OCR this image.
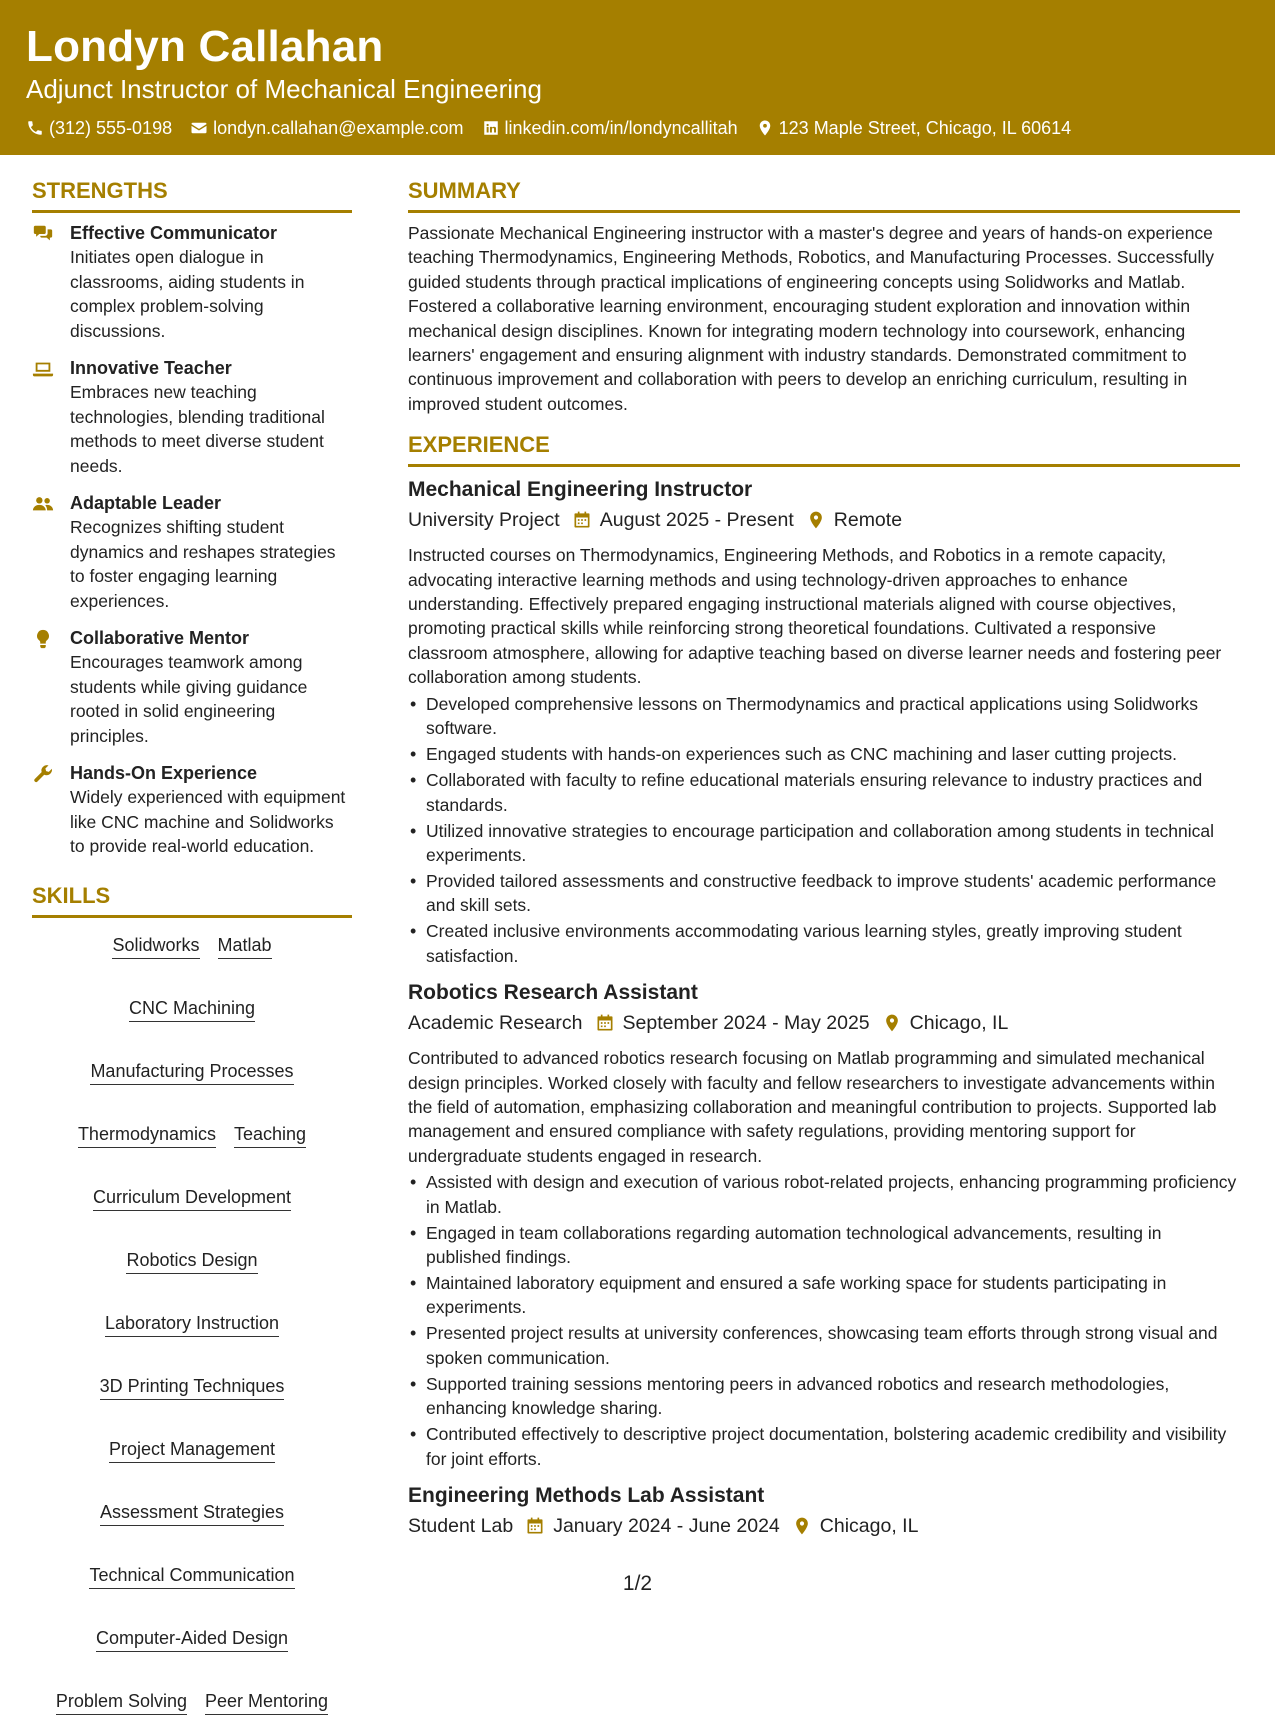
Londyn Callahan
Adjunct Instructor of Mechanical Engineering
(312) 555-0198 londyn.callahan@example.com linkedin.com/in/londyncallitah 123 Maple Street, Chicago, IL 60614
STRENGTHS
Effective Communicator
Initiates open dialogue in classrooms, aiding students in complex problem-solving discussions.
Innovative Teacher
Embraces new teaching technologies, blending traditional methods to meet diverse student needs.
Adaptable Leader
Recognizes shifting student dynamics and reshapes strategies to foster engaging learning experiences.
Collaborative Mentor
Encourages teamwork among students while giving guidance rooted in solid engineering principles.
Hands-On Experience
Widely experienced with equipment like CNC machine and Solidworks to provide real-world education.
SKILLS
Solidworks Matlab
CNC Machining
Manufacturing Processes
Thermodynamics Teaching
Curriculum Development
Robotics Design
Laboratory Instruction
3D Printing Techniques
Project Management
Assessment Strategies
Technical Communication
Computer-Aided Design
Problem Solving Peer Mentoring
SUMMARY
Passionate Mechanical Engineering instructor with a master's degree and years of hands-on experience teaching Thermodynamics, Engineering Methods, Robotics, and Manufacturing Processes. Successfully guided students through practical implications of engineering concepts using Solidworks and Matlab. Fostered a collaborative learning environment, encouraging student exploration and innovation within mechanical design disciplines. Known for integrating modern technology into coursework, enhancing learners' engagement and ensuring alignment with industry standards. Demonstrated commitment to continuous improvement and collaboration with peers to develop an enriching curriculum, resulting in improved student outcomes.
EXPERIENCE
Mechanical Engineering Instructor
University Project August 2025 - Present Remote
Instructed courses on Thermodynamics, Engineering Methods, and Robotics in a remote capacity, advocating interactive learning methods and using technology-driven approaches to enhance understanding. Effectively prepared engaging instructional materials aligned with course objectives, promoting practical skills while reinforcing strong theoretical foundations. Cultivated a responsive classroom atmosphere, allowing for adaptive teaching based on diverse learner needs and fostering peer collaboration among students.
• Developed comprehensive lessons on Thermodynamics and practical applications using Solidworks software.
• Engaged students with hands-on experiences such as CNC machining and laser cutting projects.
• Collaborated with faculty to refine educational materials ensuring relevance to industry practices and standards.
• Utilized innovative strategies to encourage participation and collaboration among students in technical experiments.
• Provided tailored assessments and constructive feedback to improve students' academic performance and skill sets.
• Created inclusive environments accommodating various learning styles, greatly improving student satisfaction.
Robotics Research Assistant
Academic Research September 2024 - May 2025 Chicago, IL
Contributed to advanced robotics research focusing on Matlab programming and simulated mechanical design principles. Worked closely with faculty and fellow researchers to investigate advancements within the field of automation, emphasizing collaboration and meaningful contribution to projects. Supported lab management and ensured compliance with safety regulations, providing mentoring support for undergraduate students engaged in research.
• Assisted with design and execution of various robot-related projects, enhancing programming proficiency in Matlab.
• Engaged in team collaborations regarding automation technological advancements, resulting in published findings.
• Maintained laboratory equipment and ensured a safe working space for students participating in experiments.
• Presented project results at university conferences, showcasing team efforts through strong visual and spoken communication.
• Supported training sessions mentoring peers in advanced robotics and research methodologies, enhancing knowledge sharing.
• Contributed effectively to descriptive project documentation, bolstering academic credibility and visibility for joint efforts.
Engineering Methods Lab Assistant
Student Lab January 2024 - June 2024 Chicago, IL
1/2
